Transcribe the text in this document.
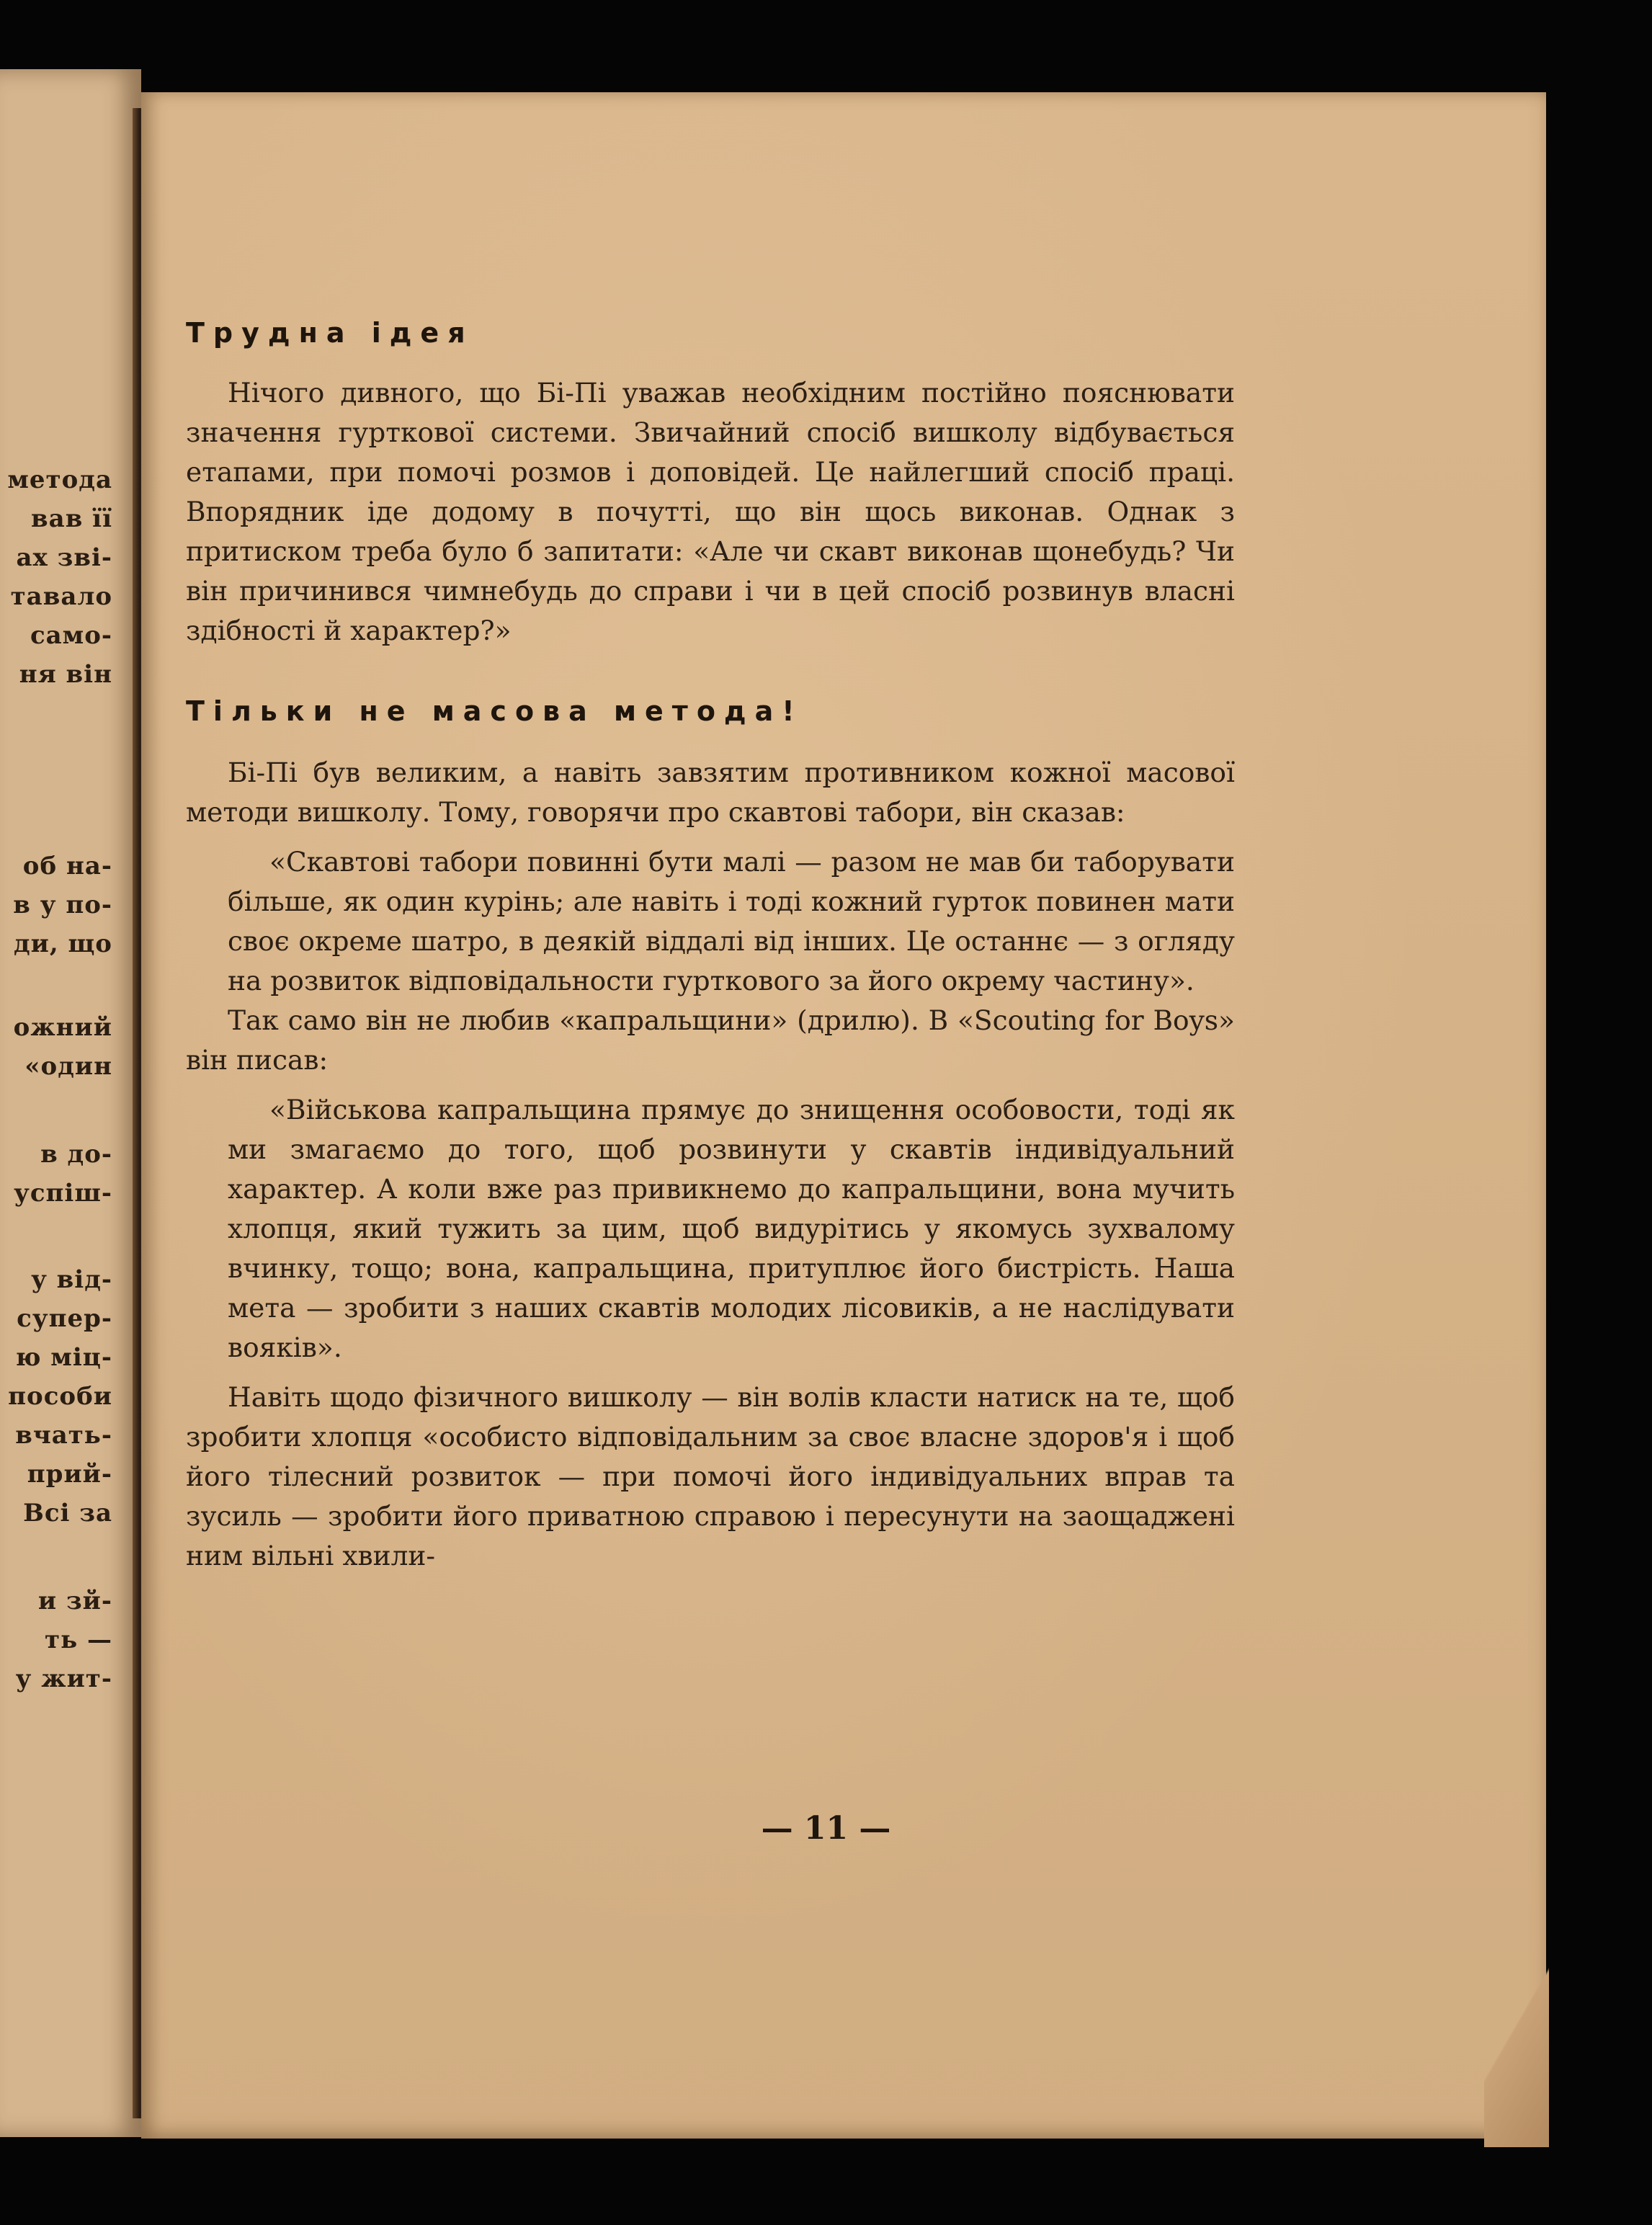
метода
вав її
ах зві-
тавало
само-
ня він
об на-
в у по-
ди, що
ожний
«один
в до-
успіш-
у від-
супер-
ю міц-
пособи
вчать-
прий-
Всі за
и зй-
ть —
у жит-
Трудна ідея

Нічого дивного, що Бі-Пі уважав необхідним постійно пояснювати значення гурткової системи. Звичайний спосіб вишколу відбувається етапами, при помочі розмов і доповідей. Це найлегший спосіб праці. Впорядник іде додому в почутті, що він щось виконав. Однак з притиском треба було б запитати: «Але чи скавт виконав щонебудь? Чи він причинився чимнебудь до справи і чи в цей спосіб розвинув власні здібності й характер?»

Тільки не масова метода!

Бі-Пі був великим, а навіть завзятим противником кожної масової методи вишколу. Тому, говорячи про скавтові табори, він сказав:

«Скавтові табори повинні бути малі — разом не мав би таборувати більше, як один курінь; але навіть і тоді кожний гурток повинен мати своє окреме шатро, в деякій віддалі від інших. Це останнє — з огляду на розвиток відповідальности гурткового за його окрему частину».

Так само він не любив «капральщини» (дрилю). В «Scouting for Boys» він писав:

«Військова капральщина прямує до знищення особовости, тоді як ми змагаємо до того, щоб розвинути у скавтів індивідуальний характер. А коли вже раз привикнемо до капральщини, вона мучить хлопця, який тужить за цим, щоб видурітись у якомусь зухвалому вчинку, тощо; вона, капральщина, притуплює його бистрість. Наша мета — зробити з наших скавтів молодих лісовиків, а не наслідувати вояків».

Навіть щодо фізичного вишколу — він волів класти натиск на те, щоб зробити хлопця «особисто відповідальним за своє власне здоров'я і щоб його тілесний розвиток — при помочі його індивідуальних вправ та зусиль — зробити його приватною справою і пересунути на заощаджені ним вільні хвили-

— 11 —
